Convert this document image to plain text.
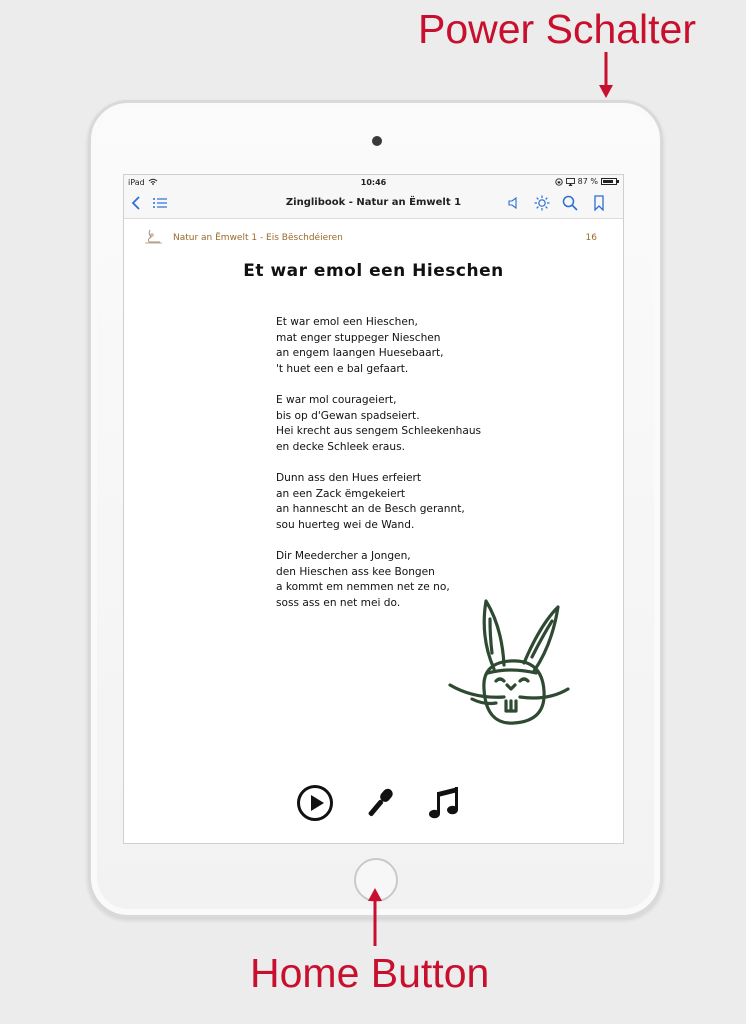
Power Schalter
Home Button
iPad	10:46	87 %
Zinglibook - Natur an Ëmwelt 1
Natur an Ëmwelt 1 - Eis Bëschdéieren	16
Et war emol een Hieschen
Et war emol een Hieschen,
mat enger stuppeger Nieschen
an engem laangen Huesebaart,
't huet een e bal gefaart.
E war mol courageiert,
bis op d'Gewan spadseiert.
Hei krecht aus sengem Schleekenhaus
en decke Schleek eraus.
Dunn ass den Hues erfeiert
an een Zack ëmgekeiert
an hannescht an de Besch gerannt,
sou huerteg wei de Wand.
Dir Meedercher a Jongen,
den Hieschen ass kee Bongen
a kommt em nemmen net ze no,
soss ass en net mei do.
